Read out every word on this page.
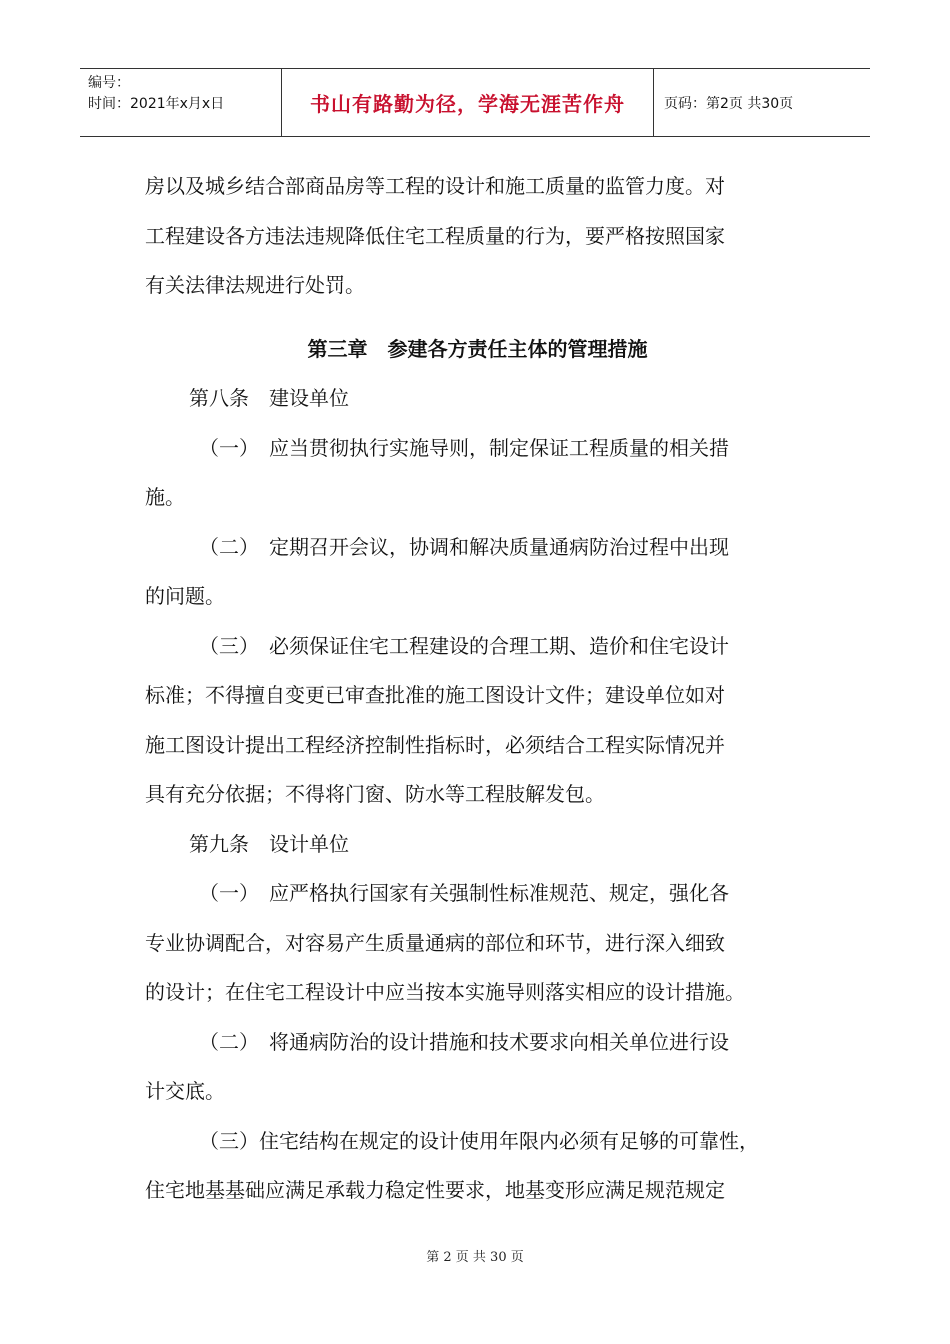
编号：
时间：2021年x月x日	书山有路勤为径，学海无涯苦作舟	页码：第2页 共30页

房以及城乡结合部商品房等工程的设计和施工质量的监管力度。对

工程建设各方违法违规降低住宅工程质量的行为，要严格按照国家

有关法律法规进行处罚。

第三章　参建各方责任主体的管理措施

第八条　建设单位

（一）　应当贯彻执行实施导则，制定保证工程质量的相关措

施。

（二）　定期召开会议，协调和解决质量通病防治过程中出现

的问题。

（三）　必须保证住宅工程建设的合理工期、造价和住宅设计

标准；不得擅自变更已审查批准的施工图设计文件；建设单位如对

施工图设计提出工程经济控制性指标时，必须结合工程实际情况并

具有充分依据；不得将门窗、防水等工程肢解发包。

第九条　设计单位

（一）　应严格执行国家有关强制性标准规范、规定，强化各

专业协调配合，对容易产生质量通病的部位和环节，进行深入细致

的设计；在住宅工程设计中应当按本实施导则落实相应的设计措施。

（二）　将通病防治的设计措施和技术要求向相关单位进行设

计交底。

（三）住宅结构在规定的设计使用年限内必须有足够的可靠性，

住宅地基基础应满足承载力稳定性要求，地基变形应满足规范规定

第 2 页 共 30 页
